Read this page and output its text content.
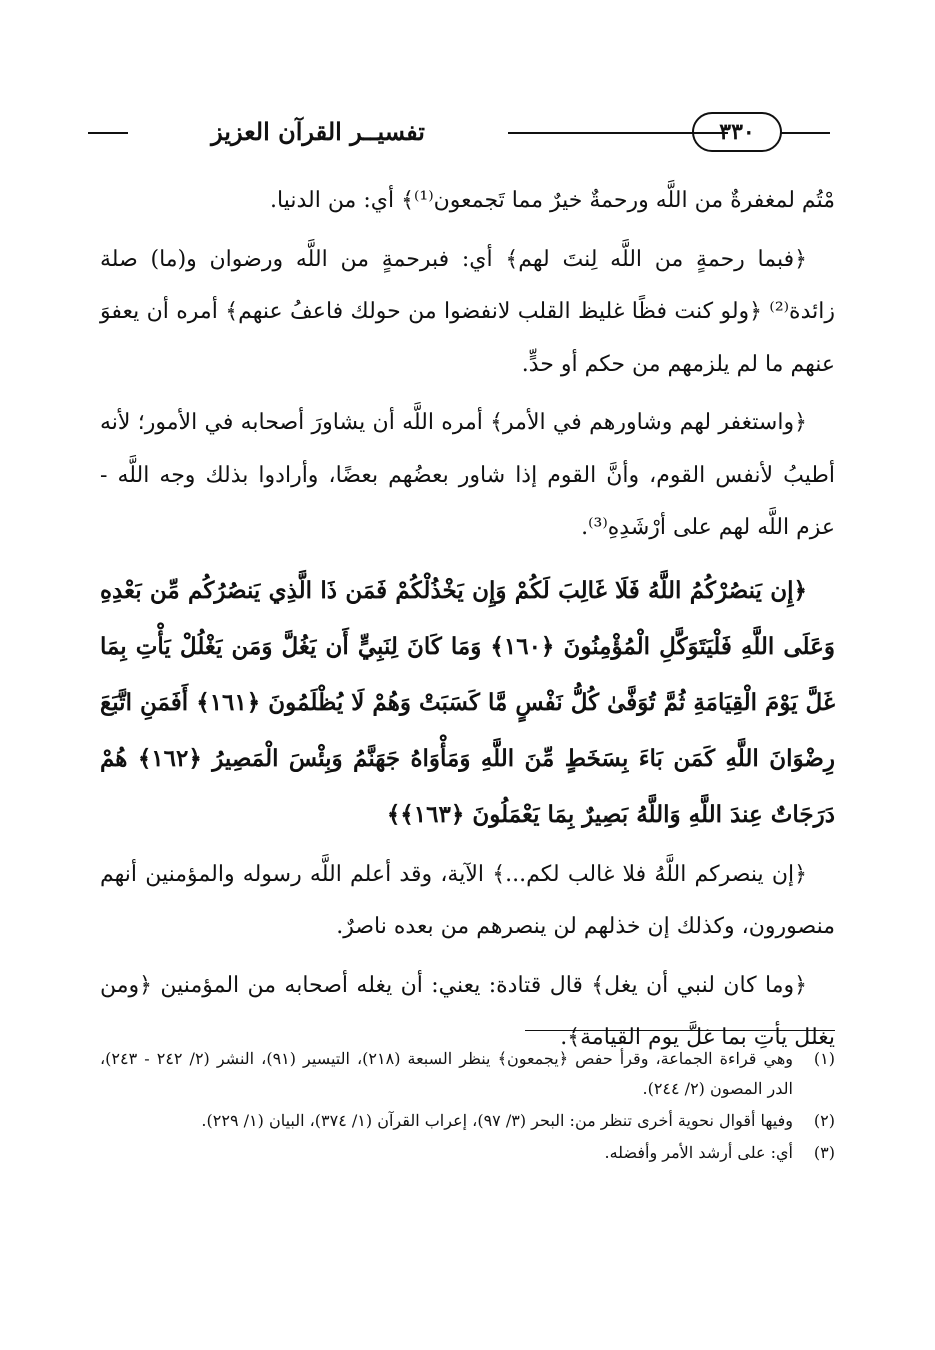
تفسيــر القرآن العزيز	٣٣٠

مْتُم لمغفرةٌ من اللَّه ورحمةٌ خيرٌ مما تَجمعون⁽¹⁾﴾ أي: من الدنيا.

﴿فبما رحمةٍ من اللَّه لِنتَ لهم﴾ أي: فبرحمةٍ من اللَّه ورضوان و(ما) صلة زائدة⁽²⁾ ﴿ولو كنت فظًا غليظ القلب لانفضوا من حولك فاعفُ عنهم﴾ أمره أن يعفوَ عنهم ما لم يلزمهم من حكم أو حدٍّ.

﴿واستغفر لهم وشاورهم في الأمر﴾ أمره اللَّه أن يشاورَ أصحابه في الأمور؛ لأنه أطيبُ لأنفس القوم، وأنَّ القوم إذا شاور بعضُهم بعضًا، وأرادوا بذلك وجه اللَّه - عزم اللَّه لهم على أرْشَدِهِ⁽³⁾.

﴿إِن يَنصُرْكُمُ اللَّهُ فَلَا غَالِبَ لَكُمْ وَإِن يَخْذُلْكُمْ فَمَن ذَا الَّذِي يَنصُرُكُم مِّن بَعْدِهِ وَعَلَى اللَّهِ فَلْيَتَوَكَّلِ الْمُؤْمِنُونَ ﴿١٦٠﴾ وَمَا كَانَ لِنَبِيٍّ أَن يَغُلَّ وَمَن يَغْلُلْ يَأْتِ بِمَا غَلَّ يَوْمَ الْقِيَامَةِ ثُمَّ تُوَفَّىٰ كُلُّ نَفْسٍ مَّا كَسَبَتْ وَهُمْ لَا يُظْلَمُونَ ﴿١٦١﴾ أَفَمَنِ اتَّبَعَ رِضْوَانَ اللَّهِ كَمَن بَاءَ بِسَخَطٍ مِّنَ اللَّهِ وَمَأْوَاهُ جَهَنَّمُ وَبِئْسَ الْمَصِيرُ ﴿١٦٢﴾ هُمْ دَرَجَاتٌ عِندَ اللَّهِ وَاللَّهُ بَصِيرٌ بِمَا يَعْمَلُونَ ﴿١٦٣﴾﴾

﴿إن ينصركم اللَّهُ فلا غالب لكم...﴾ الآية، وقد أعلم اللَّه رسوله والمؤمنين أنهم منصورون، وكذلك إن خذلهم لن ينصرهم من بعده ناصرٌ.

﴿وما كان لنبي أن يغل﴾ قال قتادة: يعني: أن يغله أصحابه من المؤمنين ﴿ومن يغلل يأتِ بما غلَّ يوم القيامة﴾.

(١)
وهي قراءة الجماعة، وقرأ حفص ﴿يجمعون﴾ ينظر السبعة (٢١٨)، التيسير (٩١)، النشر (٢/ ٢٤٢ - ٢٤٣)، الدر المصون (٢/ ٢٤٤).
(٢)
وفيها أقوال نحوية أخرى تنظر من: البحر (٣/ ٩٧)، إعراب القرآن (١/ ٣٧٤)، البيان (١/ ٢٢٩).
(٣)
أي: على أرشد الأمر وأفضله.
